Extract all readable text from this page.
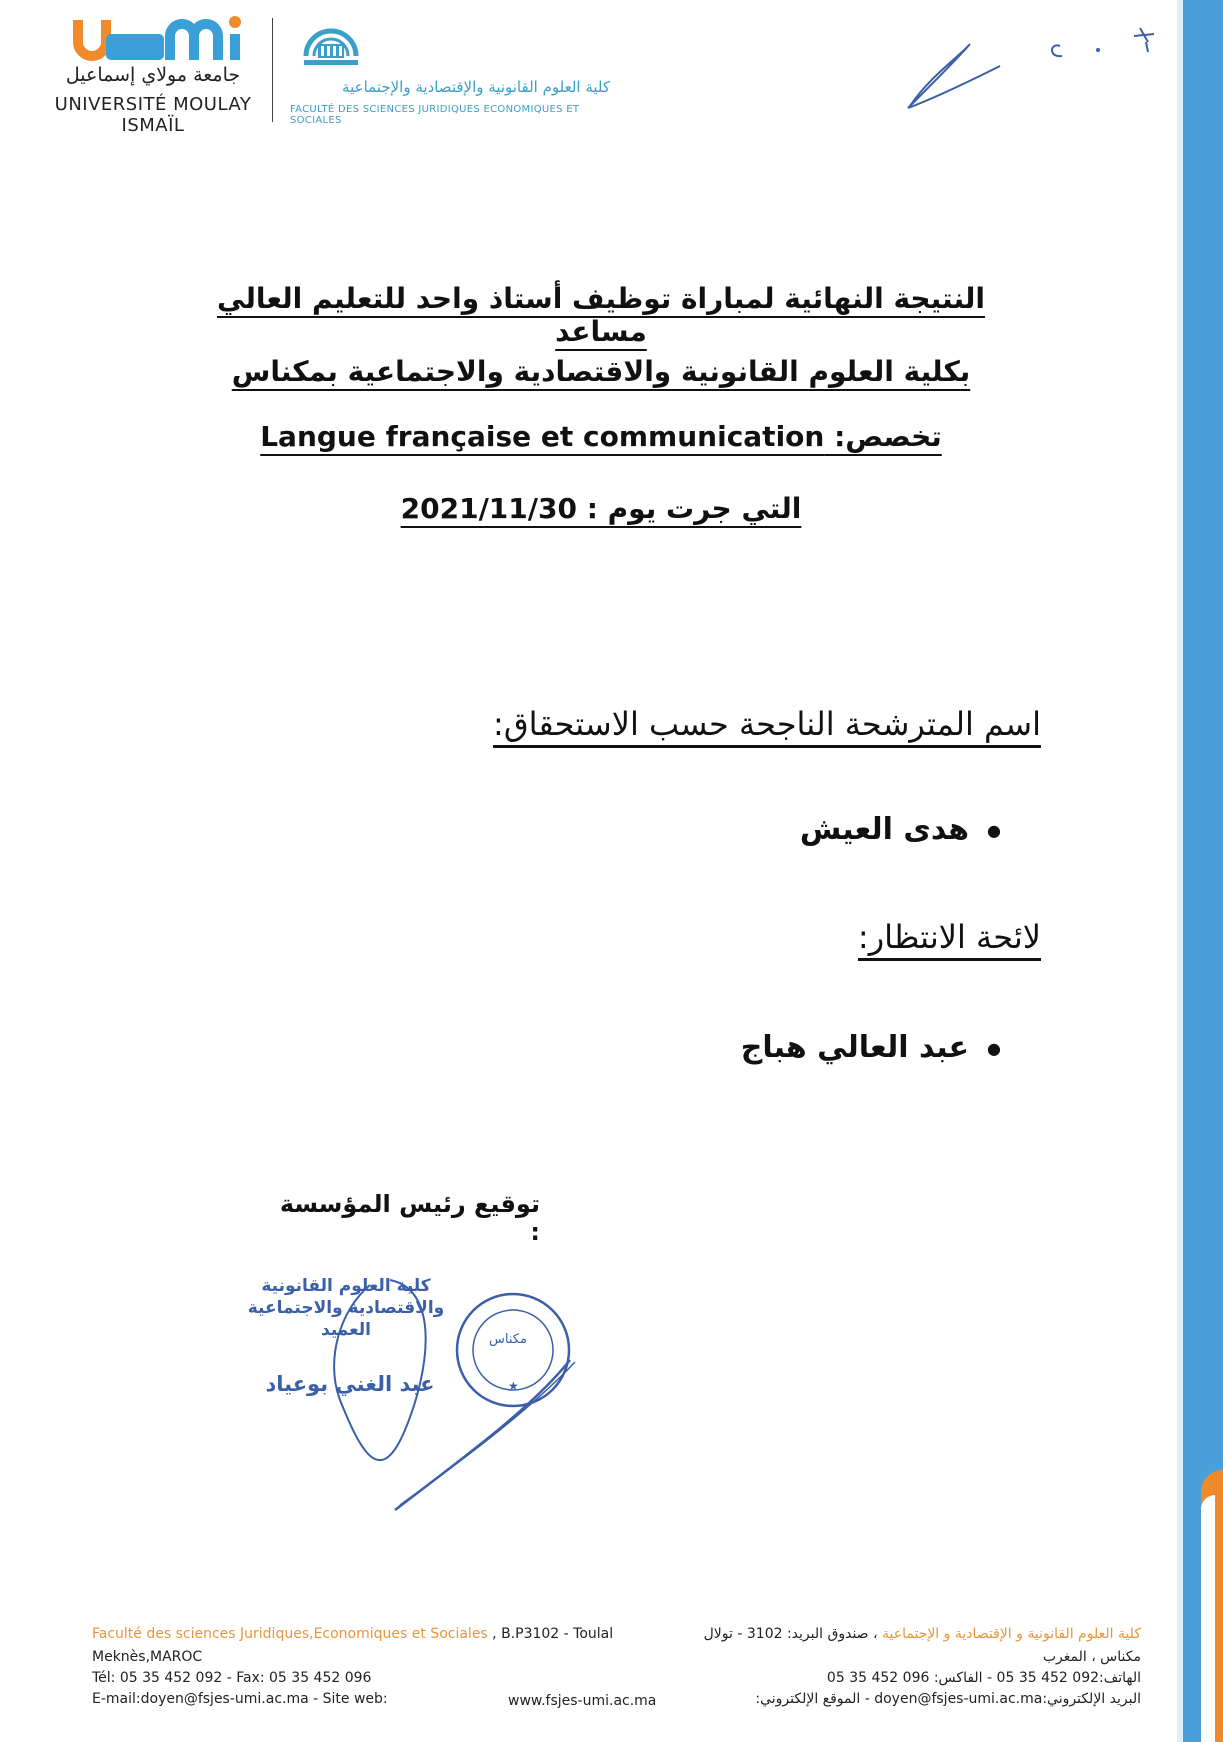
جامعة مولاي إسماعيل
UNIVERSITÉ MOULAY ISMAÏL
كلية العلوم القانونية والإقتصادية والإجتماعية
FACULTÉ DES SCIENCES JURIDIQUES ECONOMIQUES ET SOCIALES
النتيجة النهائية لمباراة توظيف أستاذ واحد للتعليم العالي مساعد
بكلية العلوم القانونية والاقتصادية والاجتماعية بمكناس
تخصص: Langue française et communication
التي جرت يوم : 2021/11/30
اسم المترشحة الناجحة حسب الاستحقاق:
●هدى العيش
لائحة الانتظار:
●عبد العالي هباج
توقيع رئيس المؤسسة :
★
مكناس
كلية العلوم القانونية
والاقتصادية والاجتماعية
العميد
عبد الغني بوعياد
Faculté des sciences Juridiques,Economiques et Sociales , B.P3102 - Toulal
Meknès,MAROC
Tél: 05 35 452 092 - Fax: 05 35 452 096
E-mail:doyen@fsjes-umi.ac.ma - Site web:	www.fsjes-umi.ac.ma
كلية العلوم القانونية و الإقتصادية و الإجتماعية ، صندوق البريد: 3102 - تولال
مكناس ، المغرب
الهاتف:092 452 35 05 - الفاكس: 096 452 35 05
البريد الإلكتروني:doyen@fsjes-umi.ac.ma - الموقع الإلكتروني:
